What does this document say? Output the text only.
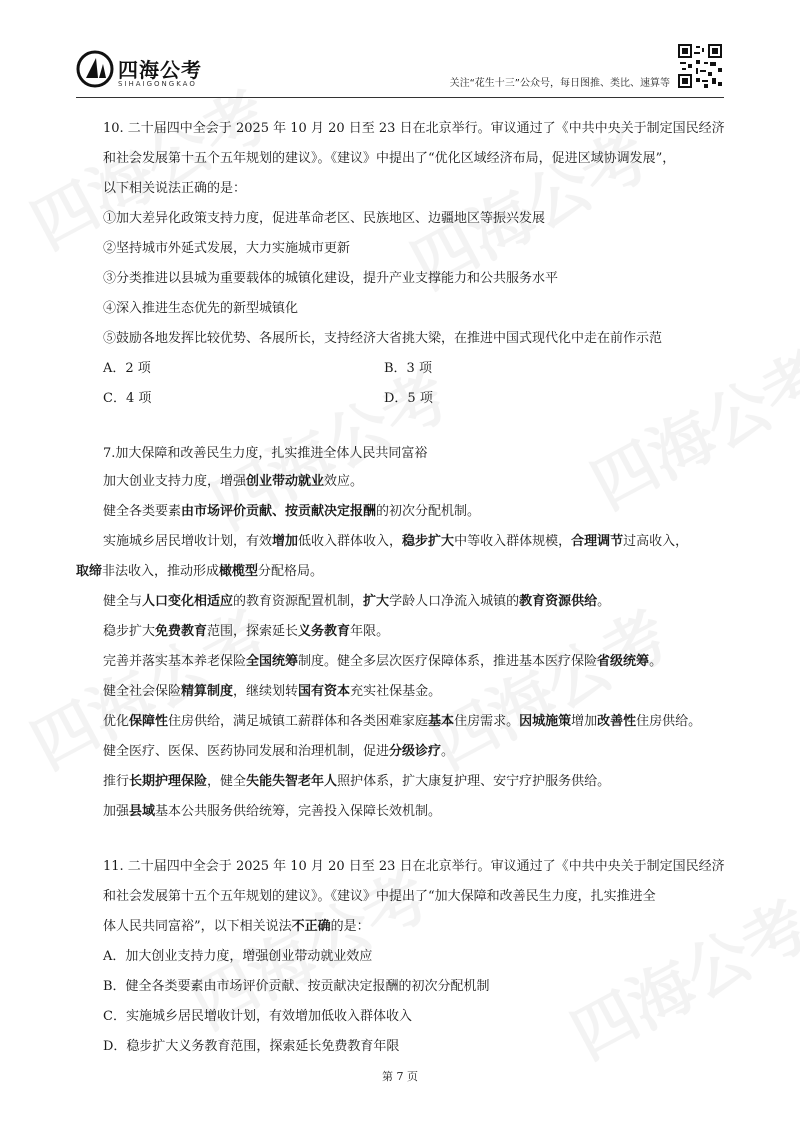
四海公考
SIHAIGONGKAO	关注“花生十三”公众号，每日图推、类比、速算等
10. 二十届四中全会于 2025 年 10 月 20 日至 23 日在北京举行。审议通过了《中共中央关于制定国民经济
和社会发展第十五个五年规划的建议》。《建议》中提出了“优化区域经济布局，促进区域协调发展”，
以下相关说法正确的是：
①加大差异化政策支持力度，促进革命老区、民族地区、边疆地区等振兴发展
②坚持城市外延式发展，大力实施城市更新
③分类推进以县城为重要载体的城镇化建设，提升产业支撑能力和公共服务水平
④深入推进生态优先的新型城镇化
⑤鼓励各地发挥比较优势、各展所长，支持经济大省挑大梁，在推进中国式现代化中走在前作示范
A．2 项	B．3 项
C．4 项	D．5 项
7.加大保障和改善民生力度，扎实推进全体人民共同富裕
加大创业支持力度，增强创业带动就业效应。
健全各类要素由市场评价贡献、按贡献决定报酬的初次分配机制。
实施城乡居民增收计划，有效增加低收入群体收入，稳步扩大中等收入群体规模，合理调节过高收入，
取缔非法收入，推动形成橄榄型分配格局。
健全与人口变化相适应的教育资源配置机制，扩大学龄人口净流入城镇的教育资源供给。
稳步扩大免费教育范围，探索延长义务教育年限。
完善并落实基本养老保险全国统筹制度。健全多层次医疗保障体系，推进基本医疗保险省级统筹。
健全社会保险精算制度，继续划转国有资本充实社保基金。
优化保障性住房供给，满足城镇工薪群体和各类困难家庭基本住房需求。因城施策增加改善性住房供给。
健全医疗、医保、医药协同发展和治理机制，促进分级诊疗。
推行长期护理保险，健全失能失智老年人照护体系，扩大康复护理、安宁疗护服务供给。
加强县域基本公共服务供给统筹，完善投入保障长效机制。
11. 二十届四中全会于 2025 年 10 月 20 日至 23 日在北京举行。审议通过了《中共中央关于制定国民经济
和社会发展第十五个五年规划的建议》。《建议》中提出了“加大保障和改善民生力度，扎实推进全
体人民共同富裕”，以下相关说法不正确的是：
A．加大创业支持力度，增强创业带动就业效应
B．健全各类要素由市场评价贡献、按贡献决定报酬的初次分配机制
C．实施城乡居民增收计划，有效增加低收入群体收入
D．稳步扩大义务教育范围，探索延长免费教育年限
第 7 页
